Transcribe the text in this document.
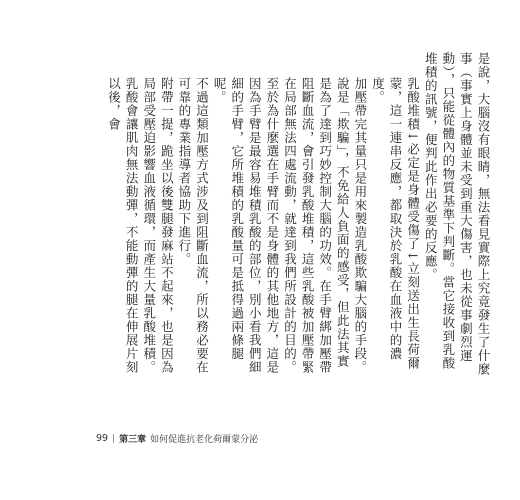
是說，大腦沒有眼睛，無法看見實際上究竟發生了什麼事（事實上身體並未受到重大傷害，也未從事劇烈運動），只能從體內的物質基準下判斷。當它接收到乳酸堆積的訊號，便判此作出必要的反應。

乳酸堆積↓必定是身體受傷了↓立刻送出生長荷爾蒙，這一連串反應，都取決於乳酸在血液中的濃度。

加壓帶完其量只是用來製造乳酸欺騙大腦的手段。說是「欺騙」，不免給人負面的感受，但此法其實是為了達到巧妙控制大腦的功效。在手臂綁加壓帶阻斷血流，會引發乳酸堆積，這些乳酸被加壓帶緊在局部無法四處流動，就達到我們所設計的目的。至於為什麼選在手臂而不是身體的其他地方，這是因為手臂是最容易堆積乳酸的部位，別小看我們細細的手臂，它所堆積的乳酸量可是抵得過兩條腿呢。

不過這類加壓方式涉及到阻斷血流，所以務必要在可靠的專業指導者協助下進行。

附帶一提，跪坐以後雙腿發麻站不起來，也是因為局部受壓迫影響血液循環，而產生大量乳酸堆積。乳酸會讓肌肉無法動彈，不能動彈的腿在伸展片刻以後，會

99 | 第三章 如何促進抗老化荷爾蒙分泌
